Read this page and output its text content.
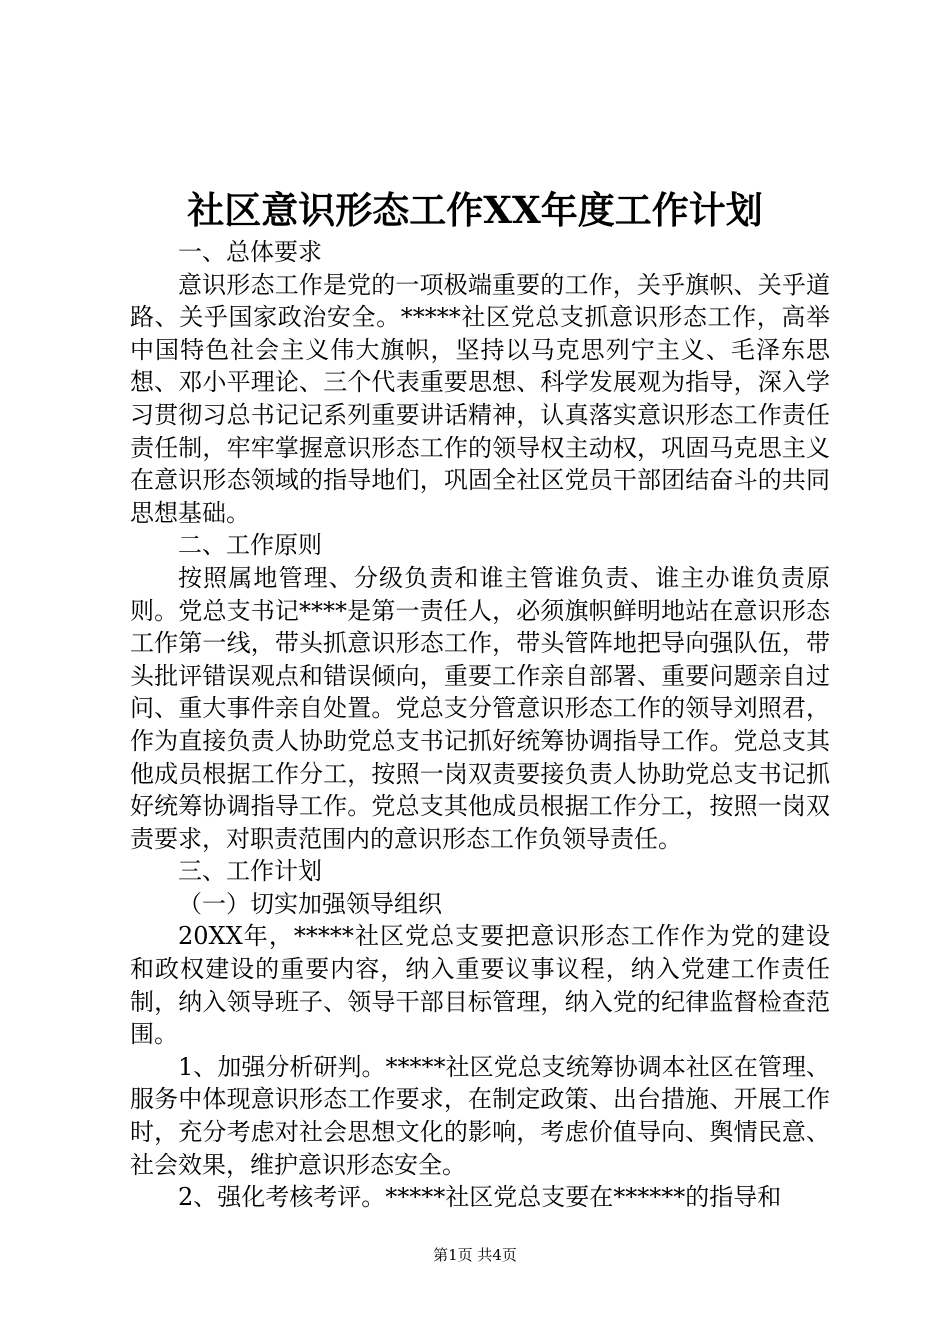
社区意识形态工作XX年度工作计划

一、总体要求

意识形态工作是党的一项极端重要的工作，关乎旗帜、关乎道路、关乎国家政治安全。*****社区党总支抓意识形态工作，高举中国特色社会主义伟大旗帜，坚持以马克思列宁主义、毛泽东思想、邓小平理论、三个代表重要思想、科学发展观为指导，深入学习贯彻习总书记记系列重要讲话精神，认真落实意识形态工作责任责任制，牢牢掌握意识形态工作的领导权主动权，巩固马克思主义在意识形态领域的指导地们，巩固全社区党员干部团结奋斗的共同思想基础。

二、工作原则

按照属地管理、分级负责和谁主管谁负责、谁主办谁负责原则。党总支书记****是第一责任人，必须旗帜鲜明地站在意识形态工作第一线，带头抓意识形态工作，带头管阵地把导向强队伍，带头批评错误观点和错误倾向，重要工作亲自部署、重要问题亲自过问、重大事件亲自处置。党总支分管意识形态工作的领导刘照君，作为直接负责人协助党总支书记抓好统筹协调指导工作。党总支其他成员根据工作分工，按照一岗双责要接负责人协助党总支书记抓好统筹协调指导工作。党总支其他成员根据工作分工，按照一岗双责要求，对职责范围内的意识形态工作负领导责任。

三、工作计划

（一）切实加强领导组织

20XX年，*****社区党总支要把意识形态工作作为党的建设和政权建设的重要内容，纳入重要议事议程，纳入党建工作责任制，纳入领导班子、领导干部目标管理，纳入党的纪律监督检查范围。

1、加强分析研判。*****社区党总支统筹协调本社区在管理、服务中体现意识形态工作要求，在制定政策、出台措施、开展工作时，充分考虑对社会思想文化的影响，考虑价值导向、舆情民意、社会效果，维护意识形态安全。

2、强化考核考评。*****社区党总支要在******的指导和

第1页 共4页
